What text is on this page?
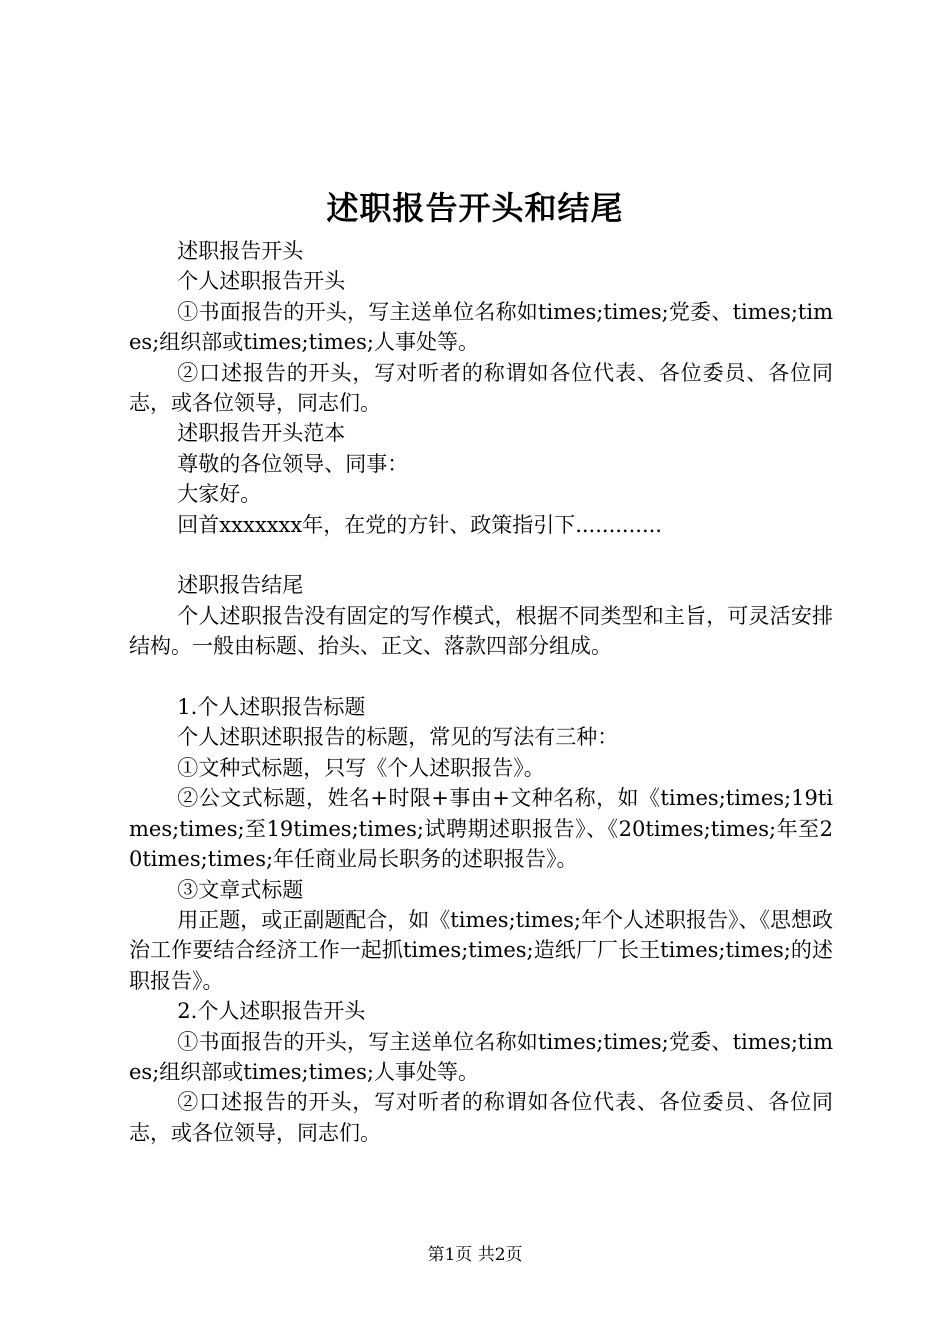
述职报告开头和结尾

述职报告开头

个人述职报告开头

①书面报告的开头，写主送单位名称如times;times;党委、times;times;组织部或times;times;人事处等。

②口述报告的开头，写对听者的称谓如各位代表、各位委员、各位同志，或各位领导，同志们。

述职报告开头范本

尊敬的各位领导、同事：

大家好。

回首xxxxxxx年，在党的方针、政策指引下.............

述职报告结尾

个人述职报告没有固定的写作模式，根据不同类型和主旨，可灵活安排结构。一般由标题、抬头、正文、落款四部分组成。

1.个人述职报告标题

个人述职述职报告的标题，常见的写法有三种：

①文种式标题，只写《个人述职报告》。

②公文式标题，姓名+时限+事由+文种名称，如《times;times;19times;times;至19times;times;试聘期述职报告》、《20times;times;年至20times;times;年任商业局长职务的述职报告》。

③文章式标题

用正题，或正副题配合，如《times;times;年个人述职报告》、《思想政治工作要结合经济工作一起抓times;times;造纸厂厂长王times;times;的述职报告》。

2.个人述职报告开头

①书面报告的开头，写主送单位名称如times;times;党委、times;times;组织部或times;times;人事处等。

②口述报告的开头，写对听者的称谓如各位代表、各位委员、各位同志，或各位领导，同志们。

第1页 共2页
